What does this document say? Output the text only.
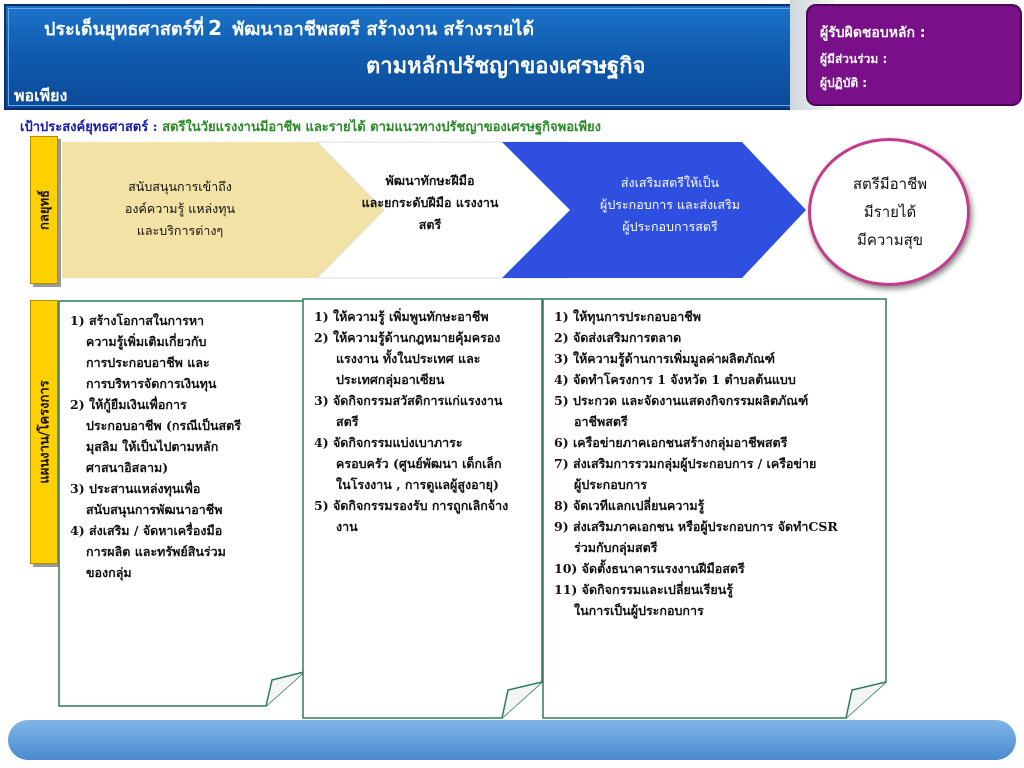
ประเด็นยุทธศาสตร์ที่ 2 พัฒนาอาชีพสตรี สร้างงาน สร้างรายได้
ตามหลักปรัชญาของเศรษฐกิจ
พอเพียง
ผู้รับผิดชอบหลัก :
ผู้มีส่วนร่วม :
ผู้ปฏิบัติ :
เป้าประสงค์ยุทธศาสตร์ : สตรีในวัยแรงงานมีอาชีพ และรายได้ ตามแนวทางปรัชญาของเศรษฐกิจพอเพียง
กลยุทธ์
แผนงาน/โครงการ
สนับสนุนการเข้าถึง
องค์ความรู้ แหล่งทุน
และบริการต่างๆ
พัฒนาทักษะฝีมือ
และยกระดับฝีมือ แรงงาน
สตรี
ส่งเสริมสตรีให้เป็น
ผู้ประกอบการ และส่งเสริม
ผู้ประกอบการสตรี
สตรีมีอาชีพ
มีรายได้
มีความสุข
1) สร้างโอกาสในการหา
ความรู้เพิ่มเติมเกี่ยวกับ
การประกอบอาชีพ และ
การบริหารจัดการเงินทุน
2) ให้กู้ยืมเงินเพื่อการ
ประกอบอาชีพ (กรณีเป็นสตรี
มุสลิม ให้เป็นไปตามหลัก
ศาสนาอิสลาม)
3) ประสานแหล่งทุนเพื่อ
สนับสนุนการพัฒนาอาชีพ
4) ส่งเสริม / จัดหาเครื่องมือ
การผลิต และทรัพย์สินร่วม
ของกลุ่ม
1) ให้ความรู้ เพิ่มพูนทักษะอาชีพ
2) ให้ความรู้ด้านกฎหมายคุ้มครอง
แรงงาน ทั้งในประเทศ และ
ประเทศกลุ่มอาเซียน
3) จัดกิจกรรมสวัสดิการแก่แรงงาน
สตรี
4) จัดกิจกรรมแบ่งเบาภาระ
ครอบครัว (ศูนย์พัฒนา เด็กเล็ก
ในโรงงาน , การดูแลผู้สูงอายุ)
5) จัดกิจกรรมรองรับ การถูกเลิกจ้าง
งาน
1) ให้ทุนการประกอบอาชีพ
2) จัดส่งเสริมการตลาด
3) ให้ความรู้ด้านการเพิ่มมูลค่าผลิตภัณฑ์
4) จัดทำโครงการ 1 จังหวัด 1 ตำบลต้นแบบ
5) ประกวด และจัดงานแสดงกิจกรรมผลิตภัณฑ์
อาชีพสตรี
6) เครือข่ายภาคเอกชนสร้างกลุ่มอาชีพสตรี
7) ส่งเสริมการรวมกลุ่มผู้ประกอบการ / เครือข่าย
ผู้ประกอบการ
8) จัดเวทีแลกเปลี่ยนความรู้
9) ส่งเสริมภาคเอกชน หรือผู้ประกอบการ จัดทำCSR
ร่วมกับกลุ่มสตรี
10) จัดตั้งธนาคารแรงงานฝีมือสตรี
11) จัดกิจกรรมและเปลี่ยนเรียนรู้
ในการเป็นผู้ประกอบการ
